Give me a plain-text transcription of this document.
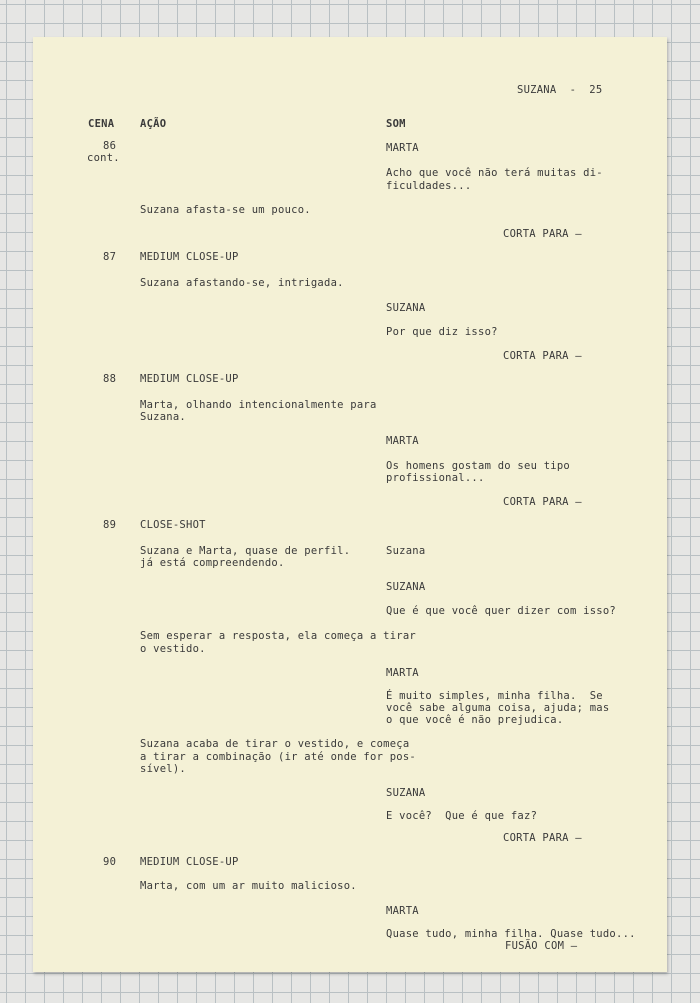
SUZANA  -  25

CENA AÇÃO	SOM

86

cont.

MARTA

Acho que você não terá muitas di-

ficuldades...

Suzana afasta-se um pouco.

CORTA PARA —

87 MEDIUM CLOSE-UP

Suzana afastando-se, intrigada.

SUZANA

Por que diz isso?

CORTA PARA —

88 MEDIUM CLOSE-UP

Marta, olhando intencionalmente para

Suzana.

MARTA

Os homens gostam do seu tipo

profissional...

CORTA PARA —

89 CLOSE-SHOT

Suzana e Marta, quase de perfil.

já está compreendendo.

Suzana

SUZANA

Que é que você quer dizer com isso?

Sem esperar a resposta, ela começa a tirar

o vestido.

MARTA

É muito simples, minha filha.  Se

você sabe alguma coisa, ajuda; mas

o que você é não prejudica.

Suzana acaba de tirar o vestido, e começa

a tirar a combinação (ir até onde for pos-

sível).

SUZANA

E você?  Que é que faz?

CORTA PARA —

90 MEDIUM CLOSE-UP

Marta, com um ar muito malicioso.

MARTA

Quase tudo, minha filha. Quase tudo...

FUSÃO COM —
